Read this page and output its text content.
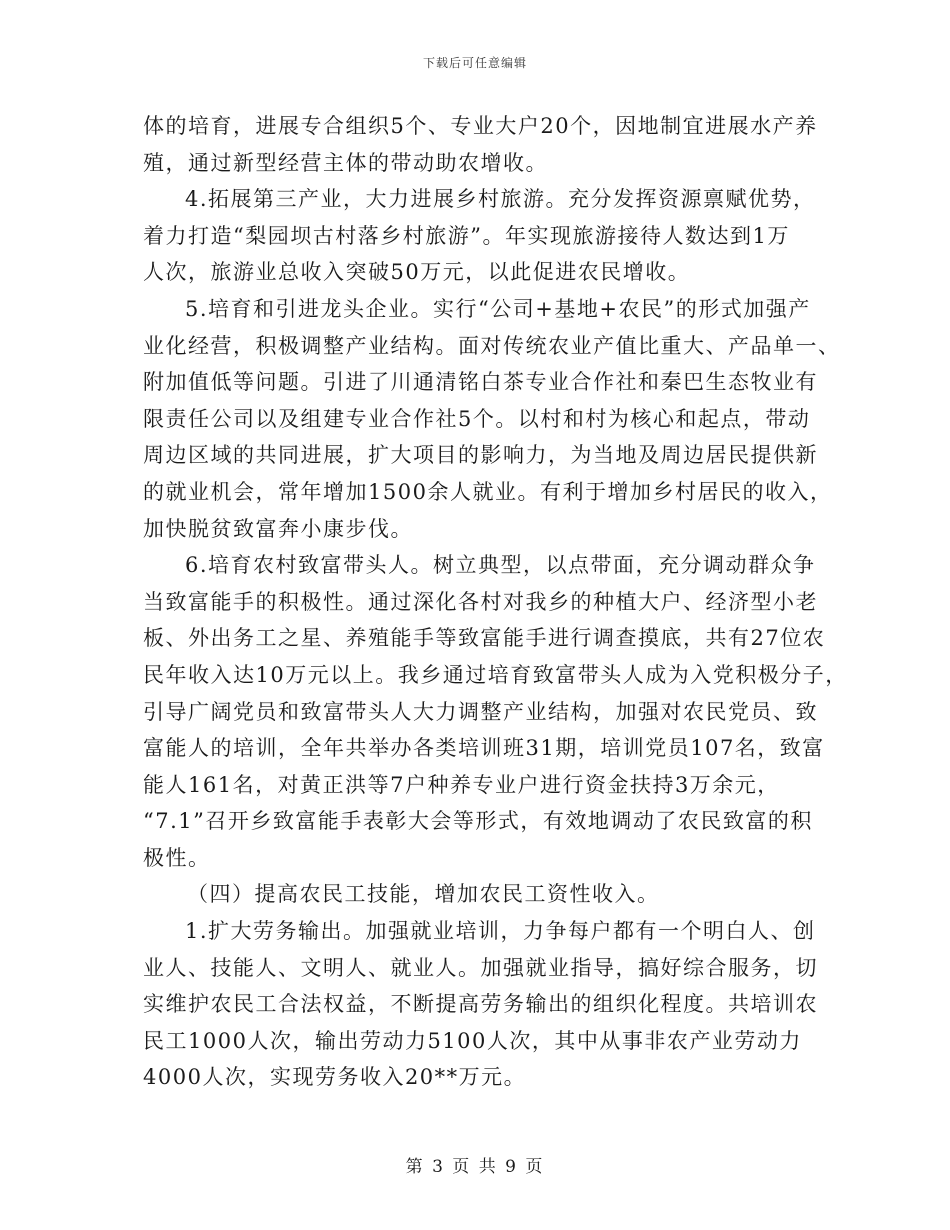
下载后可任意编辑
体的培育，进展专合组织5个、专业大户20个，因地制宜进展水产养
殖，通过新型经营主体的带动助农增收。
4.拓展第三产业，大力进展乡村旅游。充分发挥资源禀赋优势，
着力打造“梨园坝古村落乡村旅游”。年实现旅游接待人数达到1万
人次，旅游业总收入突破50万元，以此促进农民增收。
5.培育和引进龙头企业。实行“公司+基地+农民”的形式加强产
业化经营，积极调整产业结构。面对传统农业产值比重大、产品单一、
附加值低等问题。引进了川通清铭白茶专业合作社和秦巴生态牧业有
限责任公司以及组建专业合作社5个。以村和村为核心和起点，带动
周边区域的共同进展，扩大项目的影响力，为当地及周边居民提供新
的就业机会，常年增加1500余人就业。有利于增加乡村居民的收入，
加快脱贫致富奔小康步伐。
6.培育农村致富带头人。树立典型，以点带面，充分调动群众争
当致富能手的积极性。通过深化各村对我乡的种植大户、经济型小老
板、外出务工之星、养殖能手等致富能手进行调查摸底，共有27位农
民年收入达10万元以上。我乡通过培育致富带头人成为入党积极分子，
引导广阔党员和致富带头人大力调整产业结构，加强对农民党员、致
富能人的培训，全年共举办各类培训班31期，培训党员107名，致富
能人161名，对黄正洪等7户种养专业户进行资金扶持3万余元，
“7.1”召开乡致富能手表彰大会等形式，有效地调动了农民致富的积
极性。
（四）提高农民工技能，增加农民工资性收入。
1.扩大劳务输出。加强就业培训，力争每户都有一个明白人、创
业人、技能人、文明人、就业人。加强就业指导，搞好综合服务，切
实维护农民工合法权益，不断提高劳务输出的组织化程度。共培训农
民工1000人次，输出劳动力5100人次，其中从事非农产业劳动力
4000人次，实现劳务收入20**万元。
第 3 页 共 9 页
